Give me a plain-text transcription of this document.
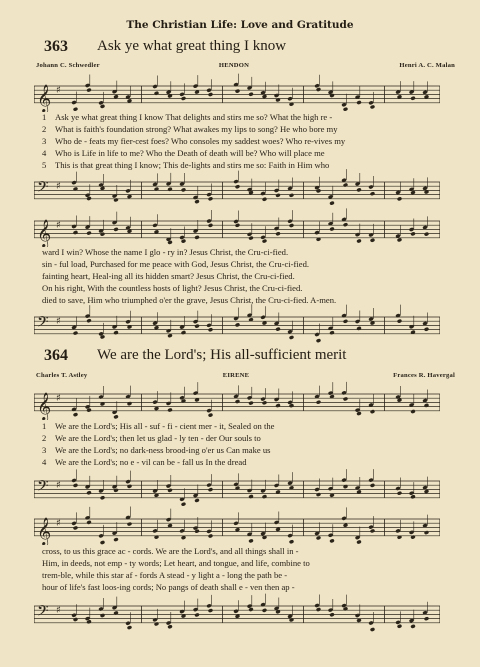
The Christian Life: Love and Gratitude
363 Ask ye what great thing I know
Johann C. Schwedler	HENDON	Henri A. C. Malan
𝄞 ♯
1 Ask ye what great thing I know That delights and stirs me so? What the high re -
2 What is faith's foundation strong? What awakes my lips to song? He who bore my
3 Who de - feats my fier-cest foes? Who consoles my saddest woes? Who re-vives my
4 Who is Life in life to me? Who the Death of death will be? Who will place me
5 This is that great thing I know; This de-lights and stirs me so: Faith in Him who
𝄢 ♯
𝄞 ♯
ward I win? Whose the name I glo - ry in? Jesus Christ, the Cru-ci-fied.
sin - ful load, Purchased for me peace with God, Jesus Christ, the Cru-ci-fied.
fainting heart, Heal-ing all its hidden smart? Jesus Christ, the Cru-ci-fied.
On his right, With the countless hosts of light? Jesus Christ, the Cru-ci-fied.
died to save, Him who triumphed o'er the grave, Jesus Christ, the Cru-ci-fied. A-men.
𝄢 ♯
364 We are the Lord's; His all-sufficient merit
Charles T. Astley	EIRENE	Frances R. Havergal
𝄞 ♯
1 We are the Lord's; His all - suf - fi - cient mer - it, Sealed on the
2 We are the Lord's; then let us glad - ly ten - der Our souls to
3 We are the Lord's; no dark-ness brood-ing o'er us Can make us
4 We are the Lord's; no e - vil can be - fall us In the dread
𝄢 ♯
𝄞 ♯
cross, to us this grace ac - cords. We are the Lord's, and all things shall in -
Him, in deeds, not emp - ty words; Let heart, and tongue, and life, combine to
trem-ble, while this star af - fords A stead - y light a - long the path be -
hour of life's fast loos-ing cords; No pangs of death shall e - ven then ap -
𝄢 ♯
